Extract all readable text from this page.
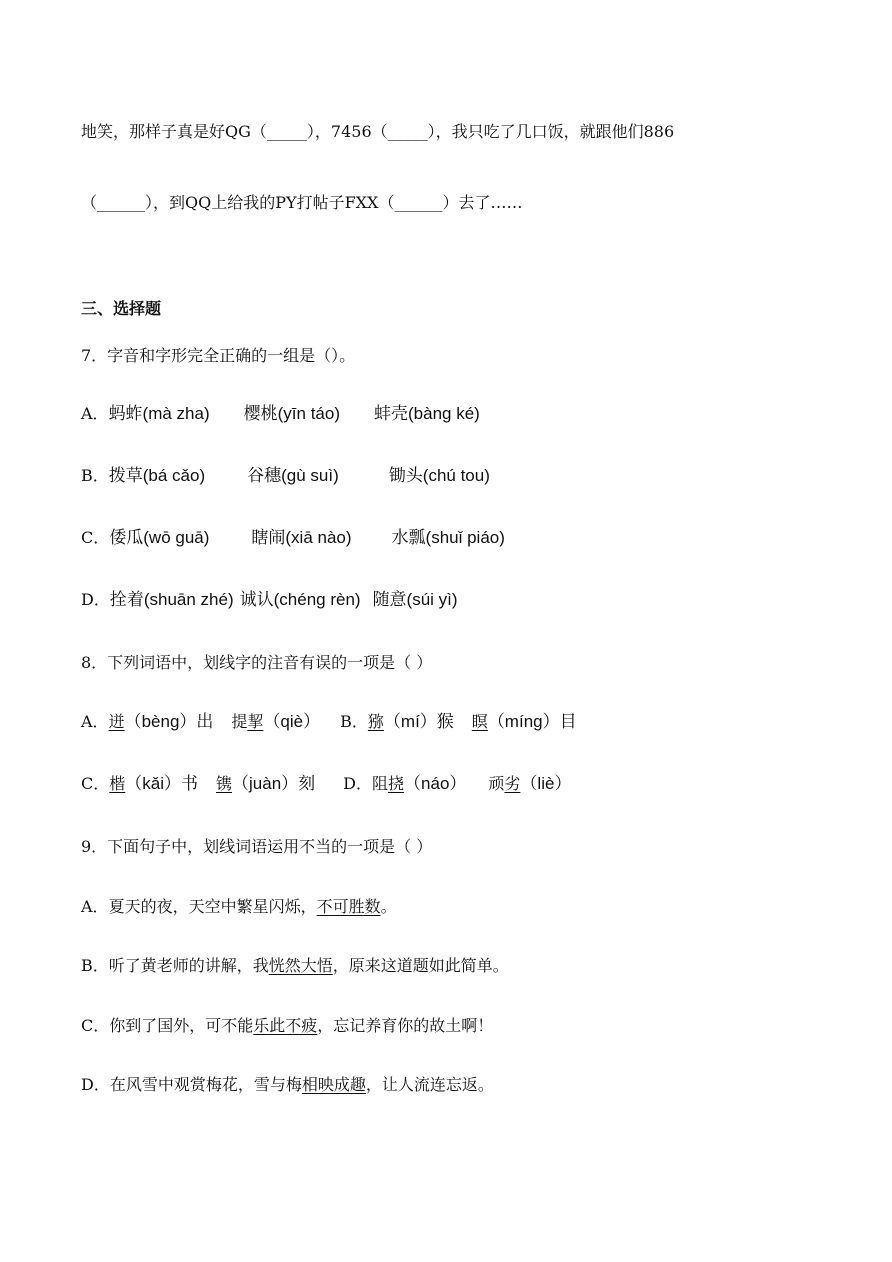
地笑，那样子真是好QG（_____），7456（_____），我只吃了几口饭，就跟他们886
（______），到QQ上给我的PY打帖子FXX（______）去了……
三、选择题
7．字音和字形完全正确的一组是（）。
A．蚂蚱(mà zha) 樱桃(yīn táo) 蚌壳(bànɡ ké)
B．拨草(bá cǎo) 谷穗(ɡù suì)	锄头(chú tou)
C．倭瓜(wō ɡuā) 瞎闹(xiā nào) 水瓢(shuǐ piáo)
D．拴着(shuān zhé) 诚认(chénɡ rèn) 随意(súi yì)
8．下列词语中，划线字的注音有误的一项是（ ）
A．迸（bèng）出 提挈（qiè） B．猕（mí）猴 瞑（míng）目
C．楷（kǎi）书 镌（juàn）刻 D．阻挠（náo） 顽劣（liè）
9．下面句子中，划线词语运用不当的一项是（ ）
A．夏天的夜，天空中繁星闪烁，不可胜数。
B．听了黄老师的讲解，我恍然大悟，原来这道题如此简单。
C．你到了国外，可不能乐此不疲，忘记养育你的故土啊！
D．在风雪中观赏梅花，雪与梅相映成趣，让人流连忘返。
